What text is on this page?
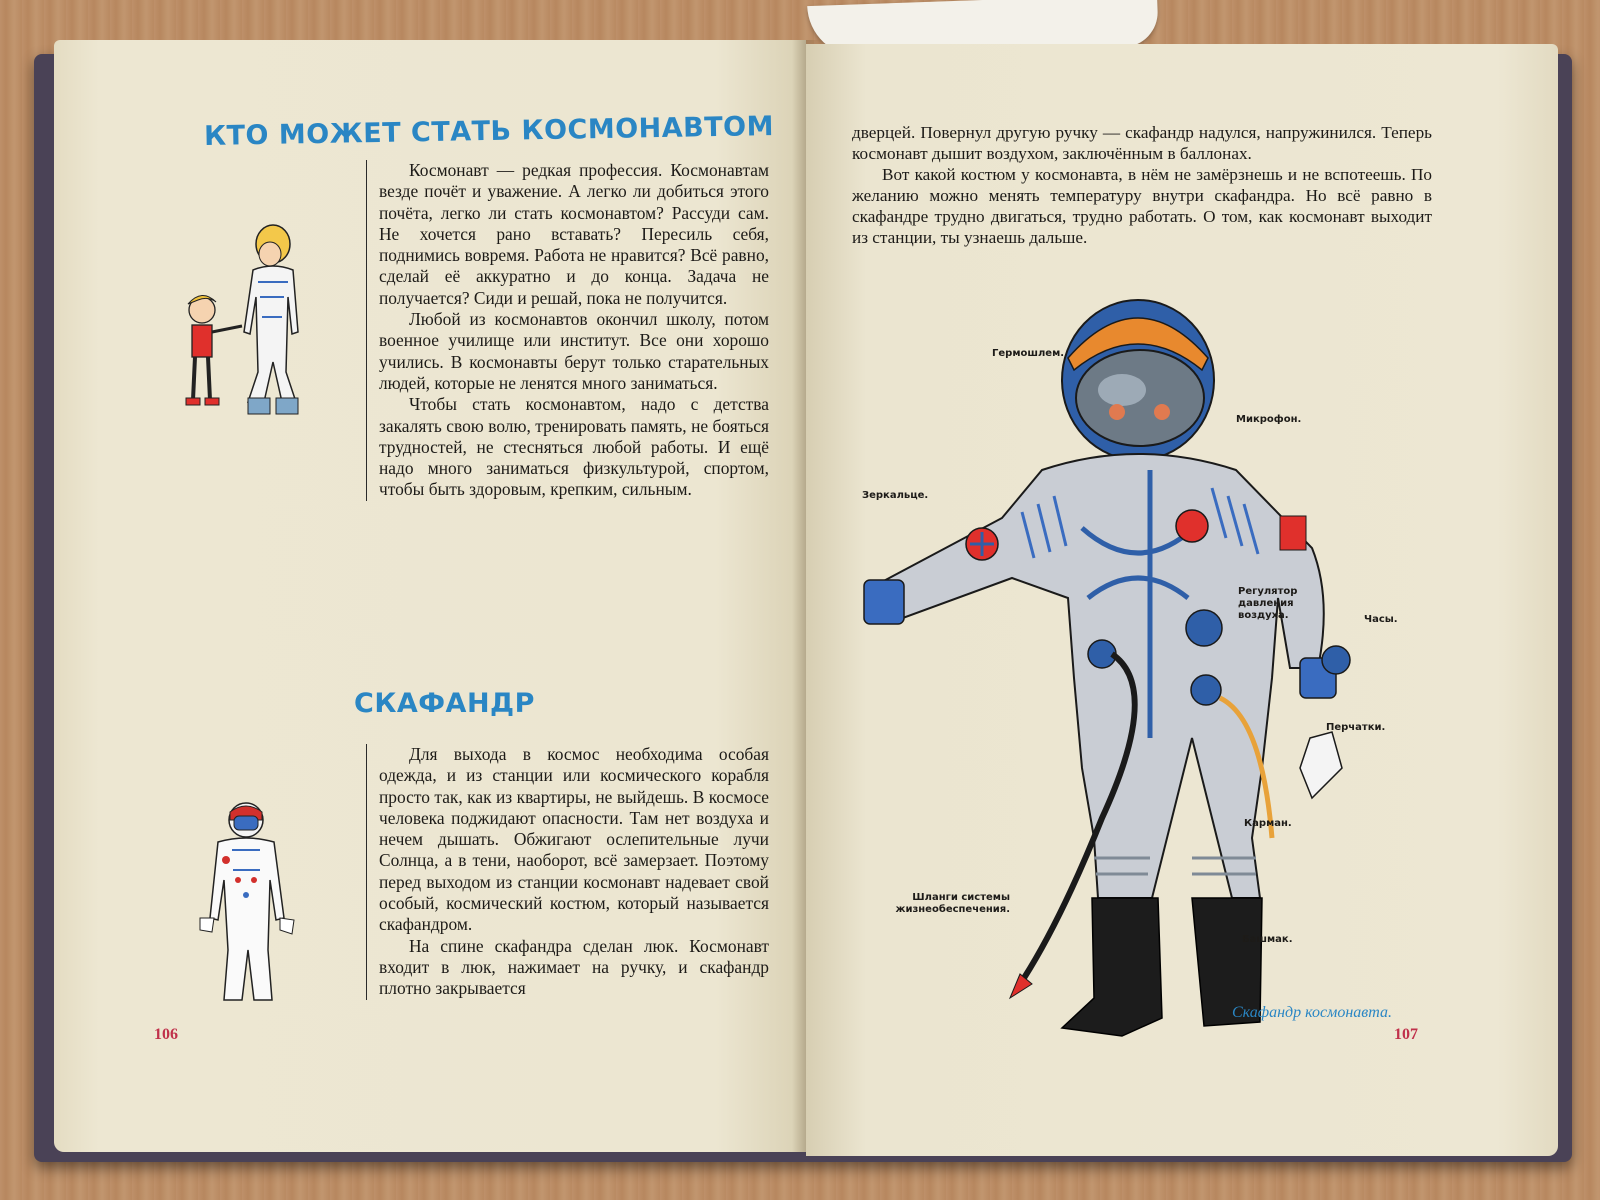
КТО МОЖЕТ СТАТЬ КОСМОНАВТОМ

Космонавт — редкая профессия. Космонавтам везде почёт и уважение. А легко ли добиться этого почёта, легко ли стать космонавтом? Рассуди сам. Не хочется рано вставать? Пересиль себя, поднимись вовремя. Работа не нравится? Всё равно, сделай её аккуратно и до конца. Задача не получается? Сиди и решай, пока не получится.

Любой из космонавтов окончил школу, потом военное училище или институт. Все они хорошо учились. В космонавты берут только старательных людей, которые не ленятся много заниматься.

Чтобы стать космонавтом, надо с детства закалять свою волю, тренировать память, не бояться трудностей, не стесняться любой работы. И ещё надо много заниматься физкультурой, спортом, чтобы быть здоровым, крепким, сильным.

СКАФАНДР

Для выхода в космос необходима особая одежда, и из станции или космического корабля просто так, как из квартиры, не выйдешь. В космосе человека поджидают опасности. Там нет воздуха и нечем дышать. Обжигают ослепительные лучи Солнца, а в тени, наоборот, всё замерзает. Поэтому перед выходом из станции космонавт надевает свой особый, космический костюм, который называется скафандром.

На спине скафандра сделан люк. Космонавт входит в люк, нажимает на ручку, и скафандр плотно закрывается

106

дверцей. Повернул другую ручку — скафандр надулся, напружинился. Теперь космонавт дышит воздухом, заключённым в баллонах.

Вот какой костюм у космонавта, в нём не замёрзнешь и не вспотеешь. По желанию можно менять температуру внутри скафандра. Но всё равно в скафандре трудно двигаться, трудно работать. О том, как космонавт выходит из станции, ты узнаешь дальше.

Гермошлем.
Микрофон.
Зеркальце.
Регулятор давления воздуха.	Часы.
Перчатки.
Карман.
Шланги системы жизнеобеспечения.
Башмак.
Скафандр космонавта.
107
